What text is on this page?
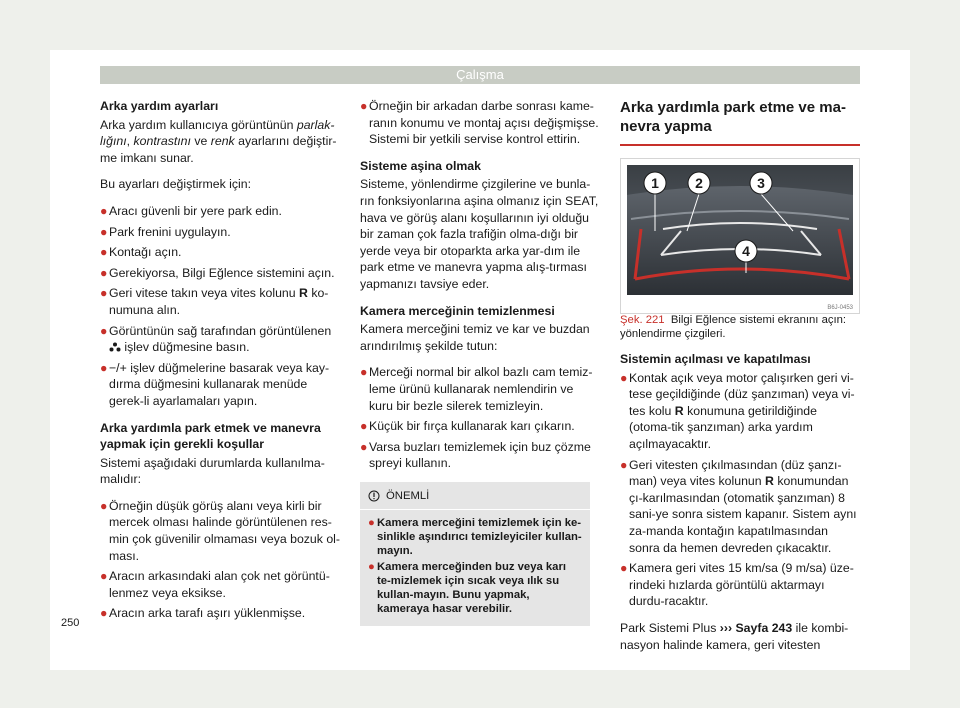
Çalışma

Arka yardım ayarları

Arka yardım kullanıcıya görüntünün parlak-lığını, kontrastını ve renk ayarlarını değiştir-me imkanı sunar.

Bu ayarları değiştirmek için:

● Aracı güvenli bir yere park edin.
● Park frenini uygulayın.
● Kontağı açın.
● Gerekiyorsa, Bilgi Eğlence sistemini açın.
● Geri vitese takın veya vites kolunu R ko-numuna alın.
● Görüntünün sağ tarafından görüntülenen
işlev düğmesine basın.
● −/+ işlev düğmelerine basarak veya kay-dırma düğmesini kullanarak menüde gerek-li ayarlamaları yapın.

Arka yardımla park etmek ve manevra yapmak için gerekli koşullar

Sistemi aşağıdaki durumlarda kullanılma-malıdır:

● Örneğin düşük görüş alanı veya kirli bir mercek olması halinde görüntülenen res-min çok güvenilir olmaması veya bozuk ol-ması.
● Aracın arkasındaki alan çok net görüntü-lenmez veya eksikse.
● Aracın arka tarafı aşırı yüklenmişse.
● Örneğin bir arkadan darbe sonrası kame-ranın konumu ve montaj açısı değişmişse. Sistemi bir yetkili servise kontrol ettirin.

Sisteme aşina olmak

Sisteme, yönlendirme çizgilerine ve bunla-rın fonksiyonlarına aşina olmanız için SEAT, hava ve görüş alanı koşullarının iyi olduğu bir zaman çok fazla trafiğin olma-dığı bir yerde veya bir otoparkta arka yar-dım ile park etme ve manevra yapma alış-tırması yapmanızı tavsiye eder.

Kamera merceğinin temizlenmesi

Kamera merceğini temiz ve kar ve buzdan arındırılmış şekilde tutun:

● Merceği normal bir alkol bazlı cam temiz-leme ürünü kullanarak nemlendirin ve kuru bir bezle silerek temizleyin.
● Küçük bir fırça kullanarak karı çıkarın.
● Varsa buzları temizlemek için buz çözme spreyi kullanın.
ÖNEMLİ
● Kamera merceğini temizlemek için ke-sinlikle aşındırıcı temizleyiciler kullan-mayın.
● Kamera merceğinden buz veya karı te-mizlemek için sıcak veya ılık su kullan-mayın. Bunu yapmak, kameraya hasar verebilir.
Arka yardımla park etme ve ma-nevra yapma
1	2	3
4
B6J-0453

Şek. 221 Bilgi Eğlence sistemi ekranını açın: yönlendirme çizgileri.

Sistemin açılması ve kapatılması

● Kontak açık veya motor çalışırken geri vi-tese geçildiğinde (düz şanzıman) veya vi-tes kolu R konumuna getirildiğinde (otoma-tik şanzıman) arka yardım açılmayacaktır.
● Geri vitesten çıkılmasından (düz şanzı-man) veya vites kolunun R konumundan çı-karılmasından (otomatik şanzıman) 8 sani-ye sonra sistem kapanır. Sistem aynı za-manda kontağın kapatılmasından sonra da hemen devreden çıkacaktır.
● Kamera geri vites 15 km/sa (9 m/sa) üze-rindeki hızlarda görüntülü aktarmayı durdu-racaktır.

Park Sistemi Plus ››› Sayfa 243 ile kombi-nasyon halinde kamera, geri vitesten

250
